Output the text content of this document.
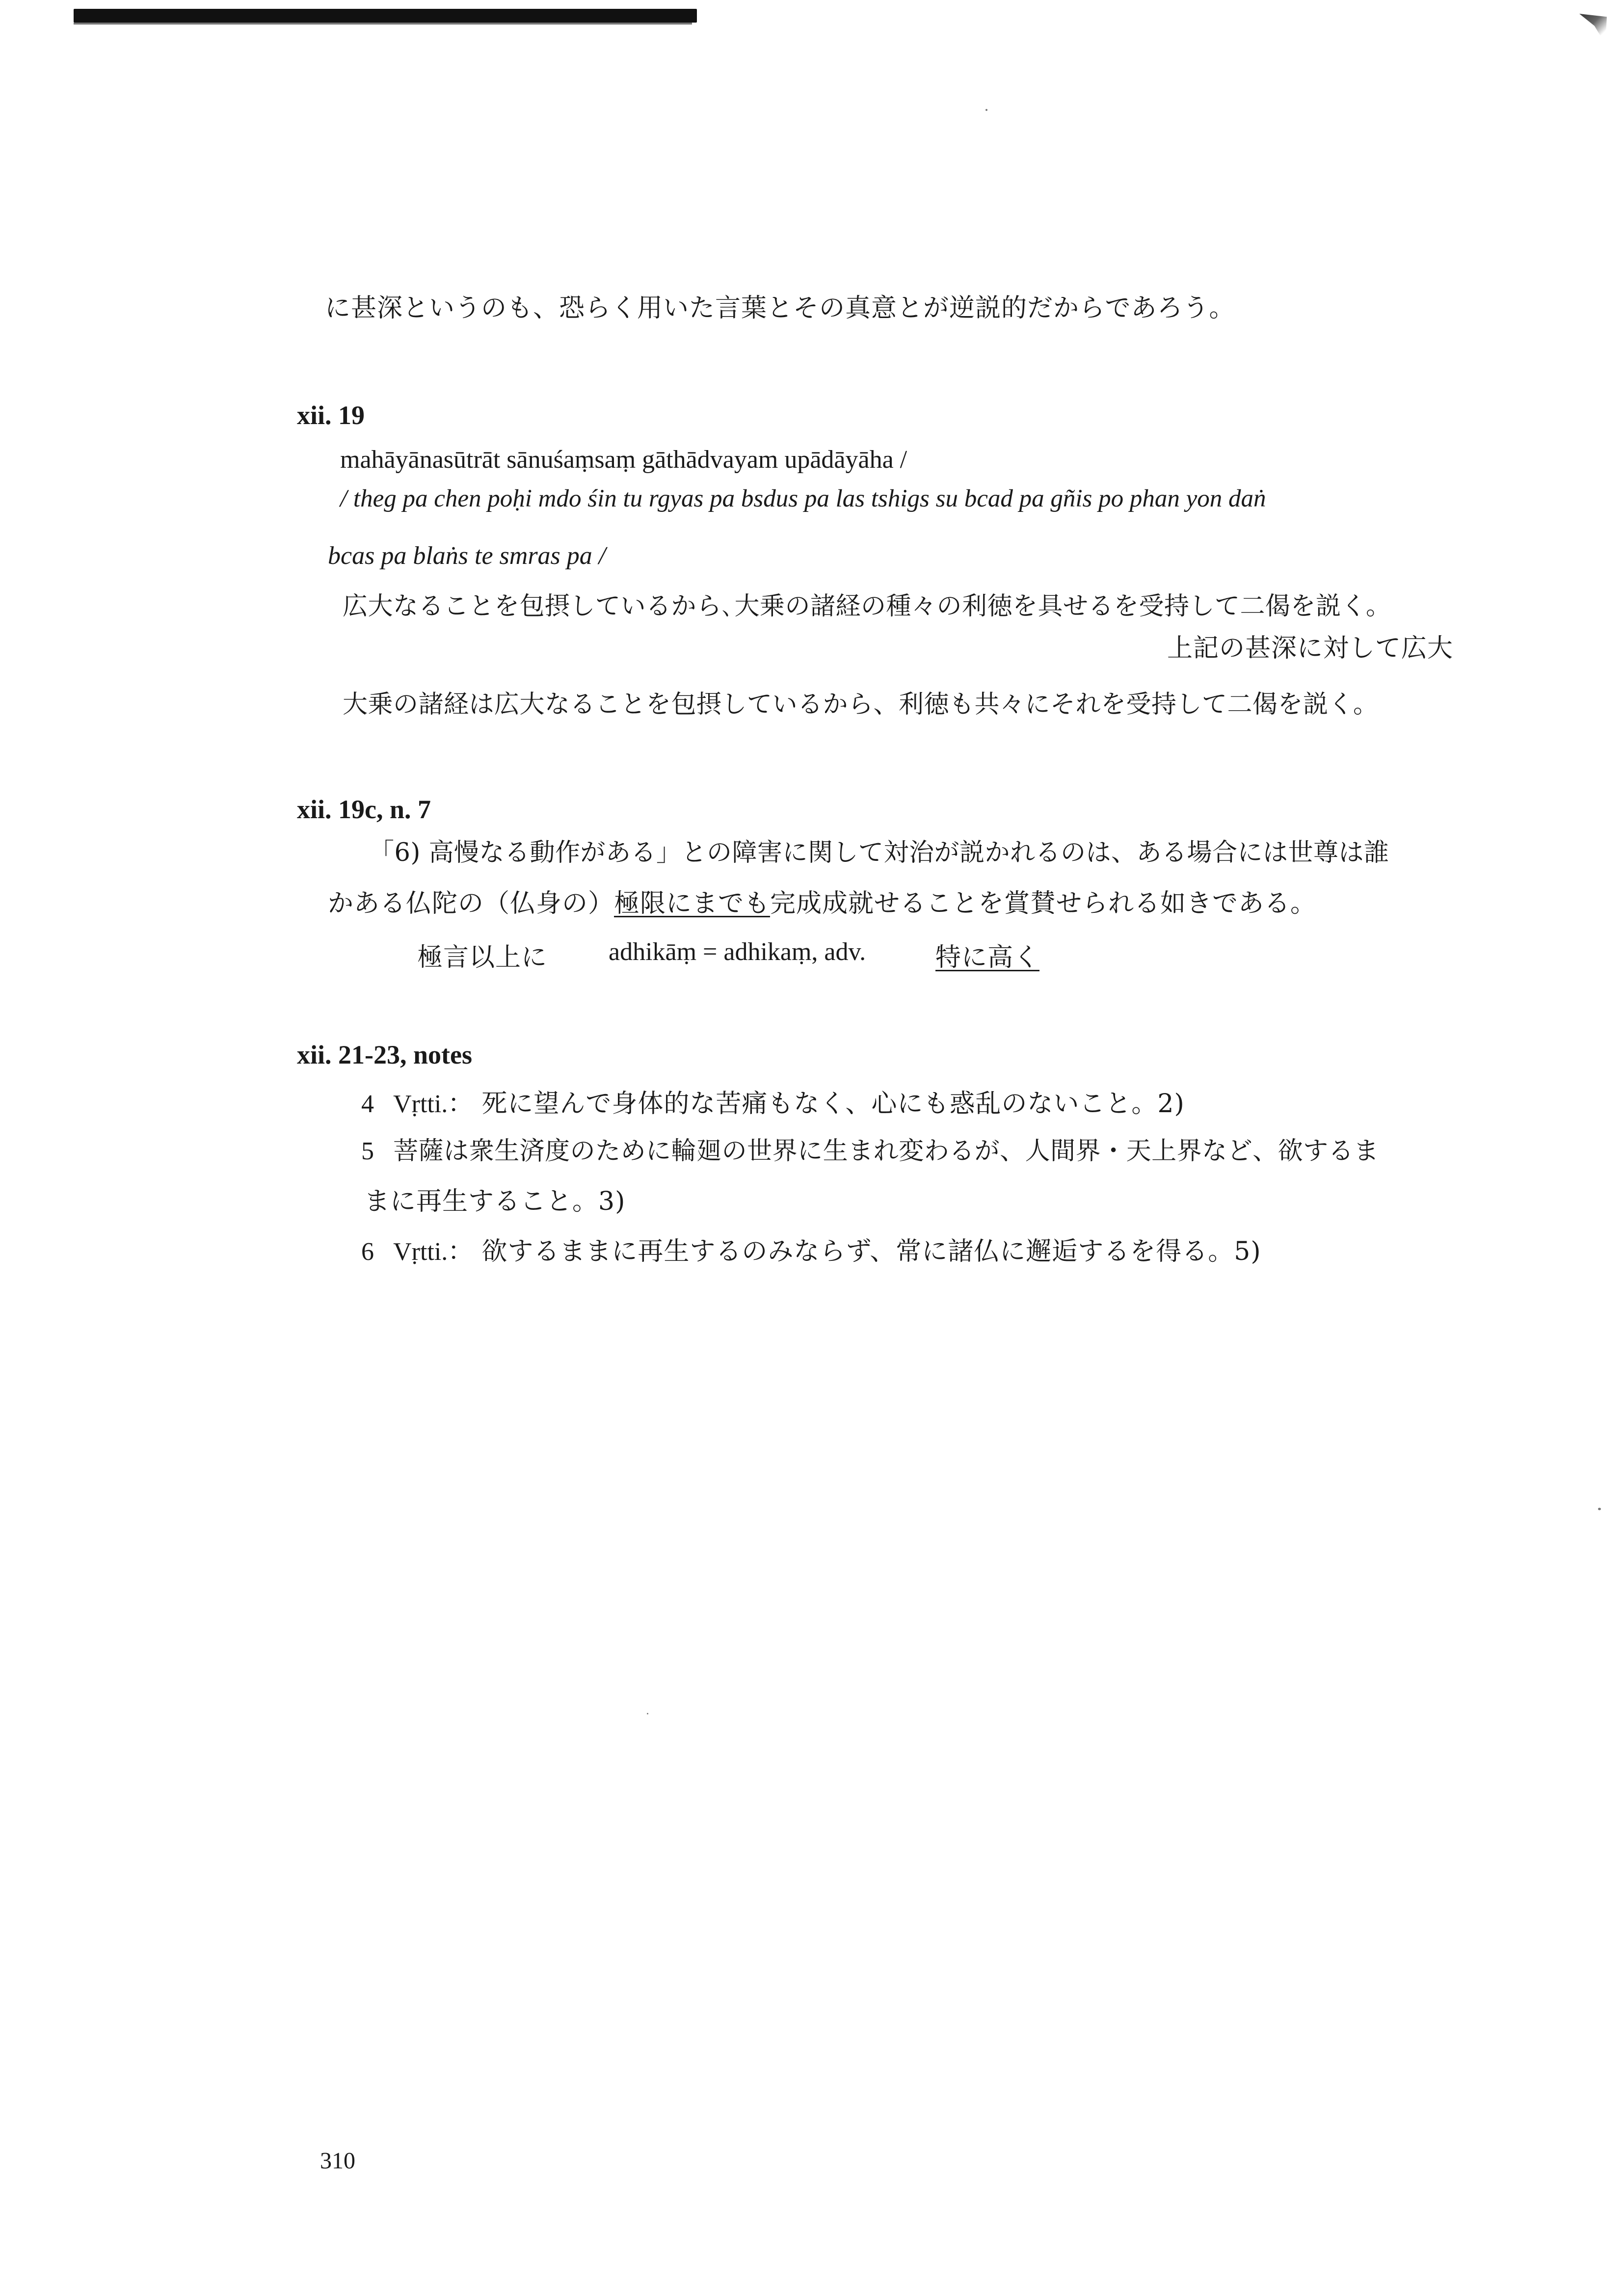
に甚深というのも、恐らく用いた言葉とその真意とが逆説的だからであろう。
xii. 19
mahāyānasūtrāt sānuśaṃsaṃ gāthādvayam upādāyāha /
/ theg pa chen poḥi mdo śin tu rgyas pa bsdus pa las tshigs su bcad pa gñis po phan yon daṅ
bcas pa blaṅs te smras pa /
広大なることを包摂しているから､大乗の諸経の種々の利徳を具せるを受持して二偈を説く。
上記の甚深に対して広大
大乗の諸経は広大なることを包摂しているから、利徳も共々にそれを受持して二偈を説く。
xii. 19c, n. 7
「6) 高慢なる動作がある」との障害に関して対治が説かれるのは、ある場合には世尊は誰
かある仏陀の（仏身の）極限にまでも完成成就せることを賞賛せられる如きである。
極言以上に adhikāṃ = adhikaṃ, adv.	特に高く
xii. 21-23, notes
4 Vṛtti.： 死に望んで身体的な苦痛もなく、心にも惑乱のないこと。2)
5 菩薩は衆生済度のために輪廻の世界に生まれ変わるが、人間界・天上界など、欲するま
まに再生すること。3)
6 Vṛtti.： 欲するままに再生するのみならず、常に諸仏に邂逅するを得る。5)
310
